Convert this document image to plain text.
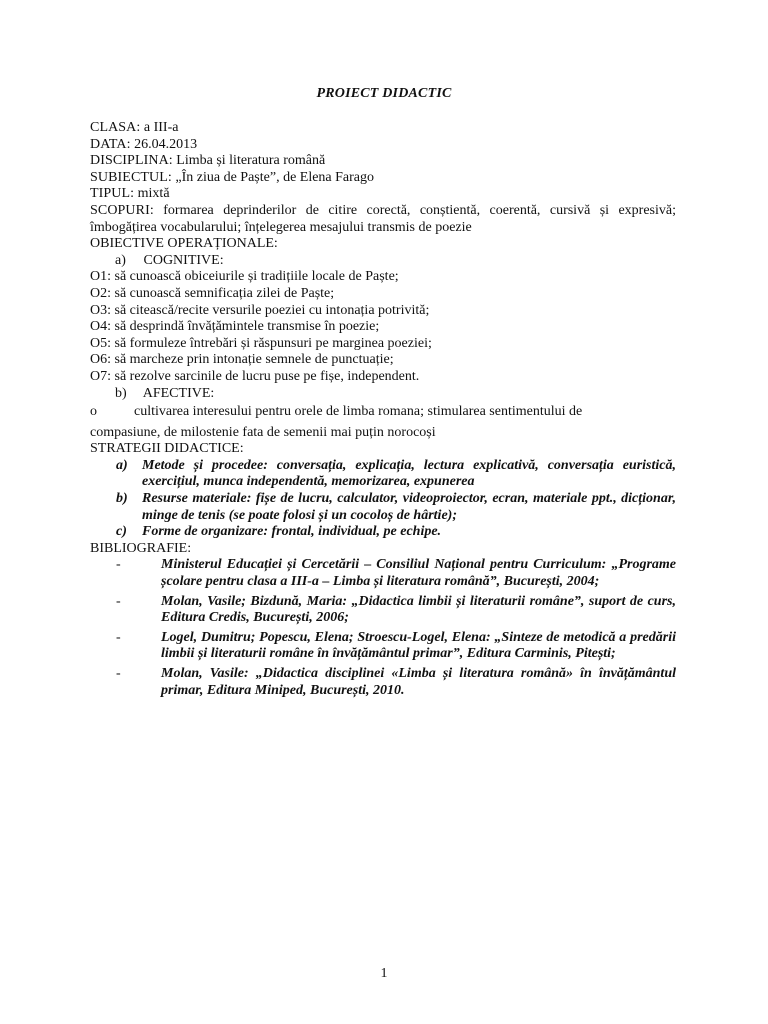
PROIECT DIDACTIC
CLASA: a III-a
DATA: 26.04.2013
DISCIPLINA: Limba și literatura română
SUBIECTUL: „În ziua de Paște”, de Elena Farago
TIPUL: mixtă
SCOPURI: formarea deprinderilor de citire corectă, conștientă, coerentă, cursivă și expresivă; îmbogățirea vocabularului; înțelegerea mesajului transmis de poezie
OBIECTIVE OPERAȚIONALE:
a) COGNITIVE:
O1: să cunoască obiceiurile și tradițiile locale de Paște;
O2: să cunoască semnificația zilei de Paște;
O3: să citească/recite versurile poeziei cu intonația potrivită;
O4: să desprindă învățămintele transmise în poezie;
O5: să formuleze întrebări și răspunsuri pe marginea poeziei;
O6: să marcheze prin intonație semnele de punctuație;
O7: să rezolve sarcinile de lucru puse pe fișe, independent.
b) AFECTIVE:
o	cultivarea interesului pentru orele de limba romana; stimularea sentimentului de
compasiune, de milostenie fata de semenii mai puțin norocoși
STRATEGII DIDACTICE:
a)	Metode și procedee: conversația, explicația, lectura explicativă, conversația euristică, exercițiul, munca independentă, memorizarea, expunerea
b)	Resurse materiale: fișe de lucru, calculator, videoproiector, ecran, materiale ppt., dicționar, minge de tenis (se poate folosi și un cocoloș de hârtie);
c)	Forme de organizare: frontal, individual, pe echipe.
BIBLIOGRAFIE:
-	Ministerul Educației și Cercetării – Consiliul Național pentru Curriculum: „Programe școlare pentru clasa a III-a – Limba și literatura română”, București, 2004;
-	Molan, Vasile; Bizdună, Maria: „Didactica limbii și literaturii române”, suport de curs, Editura Credis, București, 2006;
-	Logel, Dumitru; Popescu, Elena; Stroescu-Logel, Elena: „Sinteze de metodică a predării limbii și literaturii române în învățământul primar”, Editura Carminis, Pitești;
-	Molan, Vasile: „Didactica disciplinei «Limba și literatura română» în învățământul primar, Editura Miniped, București, 2010.
1
